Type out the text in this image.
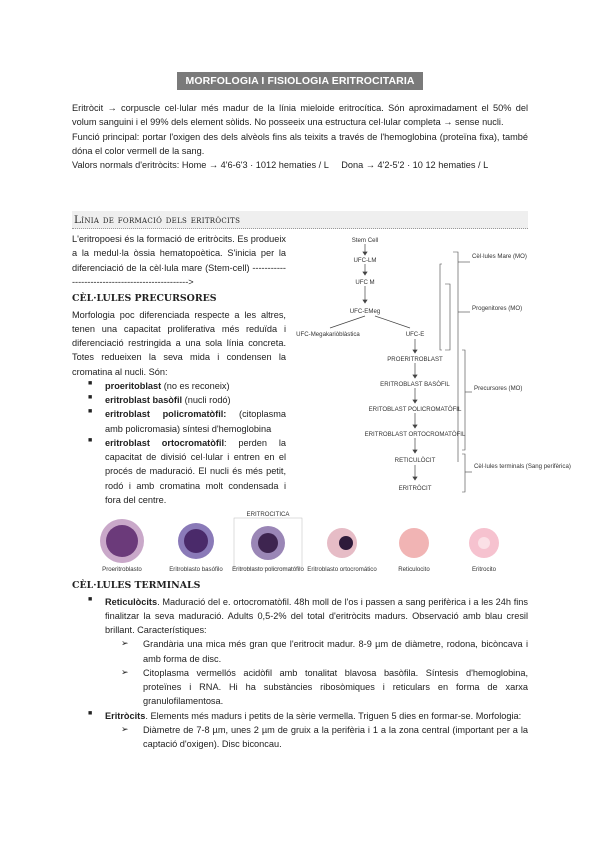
MORFOLOGIA I FISIOLOGIA ERITROCITARIA

Eritròcit → corpuscle cel·lular més madur de la línia mieloide eritrocítica. Són aproximadament el 50% del volum sanguini i el 99% dels element sòlids. No posseeix una estructura cel·lular completa → sense nucli.

Funció principal: portar l'oxigen des dels alvèols fins als teixits a través de l'hemoglobina (proteïna fixa), també dóna el color vermell de la sang.

Valors normals d'eritròcits: Home → 4'6-6'3 · 1012 hematies / L     Dona → 4'2-5'2 · 10 12 hematies / L

Línia de formació dels eritròcits

L'eritropoesi és la formació de eritròcits. Es produeix a la medul·la òssia hematopoètica. S'inicia per la diferenciació de la cèl·lula mare (Stem-cell) ------------------------------------------------->

CÈL·LULES PRECURSORES

Morfologia poc diferenciada respecte a les altres, tenen una capacitat proliferativa més reduïda i diferenciació restringida a una sola línia concreta. Totes redueixen la seva mida i condensen la cromatina al nucli. Són:

■ proeritoblast (no es reconeix)
■ eritroblast basòfil (nucli rodó)
■ eritroblast policromatòfil: (citoplasma amb policromasia) síntesi d'hemoglobina
■ eritroblast ortocromatòfil: perden la capacitat de divisió cel·lular i entren en el procés de maduració. El nucli és més petit, rodó i amb cromatina molt condensada i fora del centre.
Stem Cell
UFC-LM
UFC M
UFC-EMeg
UFC-Megakariòblàstica	UFC-E
PROERITROBLAST
ERITROBLAST BASÒFIL
ERITOBLAST POLICROMATÒFIL
ERITROBLAST ORTOCROMATÒFIL
RETICULÒCIT
ERITRÒCIT
Cèl·lules Mare (MO)
Progenitores (MO)
Precursores (MO)
Cèl·lules terminals (Sang perifèrica)
ERITROCITICA
Proeritroblasto	Eritroblasto basófilo Eritroblasto policromatófilo Eritroblasto ortocromático	Reticulocito	Eritrocito

CÈL·LULES TERMINALS

■ Reticulòcits. Maduració del e. ortocromatòfil. 48h moll de l'os i passen a sang perifèrica i a les 24h fins finalitzar la seva maduració. Adults 0,5-2% del total d'eritròcits madurs. Observació amb blau cresil brillant. Característiques:
➢ Grandària una mica més gran que l'eritrocit madur. 8-9 µm de diàmetre, rodona, bicòncava i amb forma de disc.
➢ Citoplasma vermellós acidòfil amb tonalitat blavosa basòfila. Síntesis d'hemoglobina, proteïnes i RNA. Hi ha substàncies ribosòmiques i reticulars en forma de xarxa granulofilamentosa.
■ Eritròcits. Elements més madurs i petits de la sèrie vermella. Triguen 5 dies en formar-se. Morfologia:
➢ Diàmetre de 7-8 µm, unes 2 µm de gruix a la perifèria i 1 a la zona central (important per a la captació d'oxigen). Disc biconcau.
